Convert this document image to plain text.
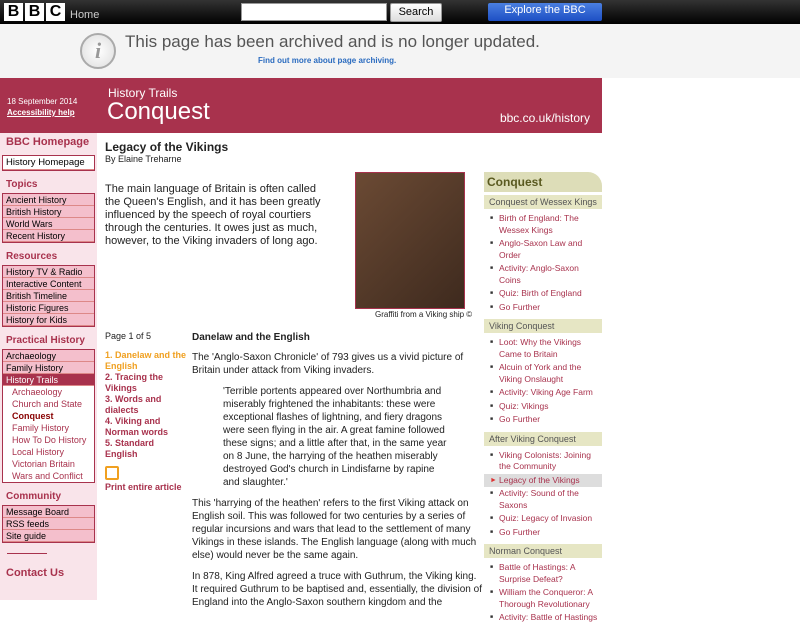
B B C Home	Search	Explore the BBC
i	This page has been archived and is no longer updated.
Find out more about page archiving.
18 September 2014
Accessibility help
History Trails
Conquest	bbc.co.uk/history
BBC Homepage
History Homepage
Topics
Ancient History
British History
World Wars
Recent History
Resources
History TV & Radio
Interactive Content
British Timeline
Historic Figures
History for Kids
Practical History
Archaeology
Family History
History Trails
Archaeology
Church and State
Conquest
Family History
How To Do History
Local History
Victorian Britain
Wars and Conflict
Community
Message Board
RSS feeds
Site guide
Contact Us
Legacy of the Vikings
By Elaine Treharne
The main language of Britain is often called the Queen's English, and it has been greatly influenced by the speech of royal courtiers through the centuries. It owes just as much, however, to the Viking invaders of long ago.
Graffiti from a Viking ship ©
Page 1 of 5
1. Danelaw and the English
2. Tracing the Vikings
3. Words and dialects
4. Viking and Norman words
5. Standard English
Print entire article
Danelaw and the English

The 'Anglo-Saxon Chronicle' of 793 gives us a vivid picture of Britain under attack from Viking invaders.

'Terrible portents appeared over Northumbria and miserably frightened the inhabitants: these were exceptional flashes of lightning, and fiery dragons were seen flying in the air. A great famine followed these signs; and a little after that, in the same year on 8 June, the harrying of the heathen miserably destroyed God's church in Lindisfarne by rapine and slaughter.'

This 'harrying of the heathen' refers to the first Viking attack on English soil. This was followed for two centuries by a series of regular incursions and wars that lead to the settlement of many Vikings in these islands. The English language (along with much else) would never be the same again.

In 878, King Alfred agreed a truce with Guthrum, the Viking king. It required Guthrum to be baptised and, essentially, the division of England into the Anglo-Saxon southern kingdom and the

Conquest
Conquest of Wessex Kings
■ Birth of England: The Wessex Kings
■ Anglo-Saxon Law and Order
■ Activity: Anglo-Saxon Coins
■ Quiz: Birth of England
■ Go Further
Viking Conquest
■ Loot: Why the Vikings Came to Britain
■ Alcuin of York and the Viking Onslaught
■ Activity: Viking Age Farm
■ Quiz: Vikings
■ Go Further
After Viking Conquest
■ Viking Colonists: Joining the Community
► Legacy of the Vikings
■ Activity: Sound of the Saxons
■ Quiz: Legacy of Invasion
■ Go Further
Norman Conquest
■ Battle of Hastings: A Surprise Defeat?
■ William the Conqueror: A Thorough Revolutionary
■ Activity: Battle of Hastings
